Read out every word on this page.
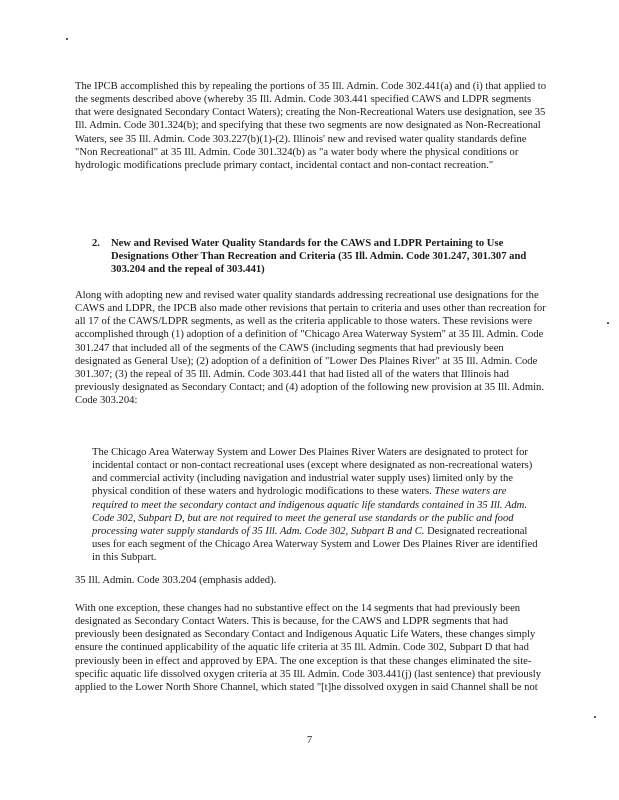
The IPCB accomplished this by repealing the portions of 35 Ill. Admin. Code 302.441(a) and (i) that applied to the segments described above (whereby 35 Ill. Admin. Code 303.441 specified CAWS and LDPR segments that were designated Secondary Contact Waters); creating the Non-Recreational Waters use designation, see 35 Ill. Admin. Code 301.324(b); and specifying that these two segments are now designated as Non-Recreational Waters, see 35 Ill. Admin. Code 303.227(b)(1)-(2). Illinois' new and revised water quality standards define "Non Recreational" at 35 Ill. Admin. Code 301.324(b) as "a water body where the physical conditions or hydrologic modifications preclude primary contact, incidental contact and non-contact recreation."

2. New and Revised Water Quality Standards for the CAWS and LDPR Pertaining to Use Designations Other Than Recreation and Criteria (35 Ill. Admin. Code 301.247, 301.307 and 303.204 and the repeal of 303.441)

Along with adopting new and revised water quality standards addressing recreational use designations for the CAWS and LDPR, the IPCB also made other revisions that pertain to criteria and uses other than recreation for all 17 of the CAWS/LDPR segments, as well as the criteria applicable to those waters. These revisions were accomplished through (1) adoption of a definition of "Chicago Area Waterway System" at 35 Ill. Admin. Code 301.247 that included all of the segments of the CAWS (including segments that had previously been designated as General Use); (2) adoption of a definition of "Lower Des Plaines River" at 35 Ill. Admin. Code 301.307; (3) the repeal of 35 Ill. Admin. Code 303.441 that had listed all of the waters that Illinois had previously designated as Secondary Contact; and (4) adoption of the following new provision at 35 Ill. Admin. Code 303.204:

The Chicago Area Waterway System and Lower Des Plaines River Waters are designated to protect for incidental contact or non-contact recreational uses (except where designated as non-recreational waters) and commercial activity (including navigation and industrial water supply uses) limited only by the physical condition of these waters and hydrologic modifications to these waters. These waters are required to meet the secondary contact and indigenous aquatic life standards contained in 35 Ill. Adm. Code 302, Subpart D, but are not required to meet the general use standards or the public and food processing water supply standards of 35 Ill. Adm. Code 302, Subpart B and C. Designated recreational uses for each segment of the Chicago Area Waterway System and Lower Des Plaines River are identified in this Subpart.

35 Ill. Admin. Code 303.204 (emphasis added).

With one exception, these changes had no substantive effect on the 14 segments that had previously been designated as Secondary Contact Waters. This is because, for the CAWS and LDPR segments that had previously been designated as Secondary Contact and Indigenous Aquatic Life Waters, these changes simply ensure the continued applicability of the aquatic life criteria at 35 Ill. Admin. Code 302, Subpart D that had previously been in effect and approved by EPA. The one exception is that these changes eliminated the site-specific aquatic life dissolved oxygen criteria at 35 Ill. Admin. Code 303.441(j) (last sentence) that previously applied to the Lower North Shore Channel, which stated "[t]he dissolved oxygen in said Channel shall be not

7
